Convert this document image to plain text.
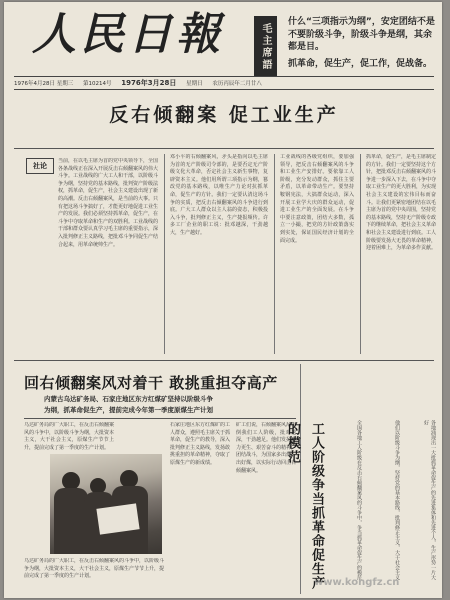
人民日報	毛主席語录

什么“三项指示为纲”，安定团结不是不要阶级斗争，阶级斗争是纲，其余都是目。

抓革命，促生产，促工作，促战备。

1976年4月28日 星期三 第10214号 1976年3月28日 星期日 农历丙辰年二月廿八
反右倾翻案 促工业生产
社论
当前，在以毛主席为首的党中央领导下，全国各条战线正在深入开展反击右倾翻案风的伟大斗争。工业战线的广大工人和干部，以阶级斗争为纲，坚持党的基本路线，批判资产阶级法权，抓革命，促生产，社会主义建设出现了新的高潮。反击右倾翻案风，是当前的大事。只有把这场斗争搞好了，才能更好地促进工业生产的发展。我们必须坚持抓革命，促生产，在斗争中夺取革命和生产的双胜利。工业战线的干部和群众要认真学习毛主席的重要指示，深入批判修正主义路线，把批邓斗争同促生产结合起来，用革命统帅生产。
邓小平的右倾翻案风，矛头是指向以毛主席为首的无产阶级司令部的，是要否定无产阶级文化大革命，否定社会主义新生事物，复辟资本主义。他们用所谓三项指示为纲，篡改党的基本路线，以唯生产力论对抗抓革命，促生产的方针。我们一定要认清这场斗争的实质，把反击右倾翻案风的斗争进行到底。广大工人群众以主人翁的姿态，积极投入斗争，批判修正主义，生产捷报频传。许多工厂企业的职工说：批邓越深，干劲越大，生产越好。
工业战线的各级党组织，要加强领导，把反击右倾翻案风的斗争和工业生产安排好。要依靠工人阶级，充分发动群众，抓住主要矛盾，以革命带动生产。要坚持鞍钢宪法，大搞群众运动，深入开展工业学大庆的群众运动，促进工业生产的全面发展。在斗争中要注意政策，团结大多数，孤立一小撮，把党的方针政策落实到实处，保证国民经济计划的全面完成。
抓革命，促生产，是毛主席制定的方针。我们一定要坚持这个方针，把批邓反击右倾翻案风的斗争进一步深入下去，在斗争中夺取工业生产的更大胜利，为实现社会主义建设的宏伟目标而奋斗。让我们更紧密地团结在以毛主席为首的党中央周围，坚持党的基本路线，坚持无产阶级专政下的继续革命，把社会主义革命和社会主义建设进行到底。工人阶级要发扬大无畏的革命精神，迎着困难上，为革命多作贡献。
回右倾翻案风对着干 敢挑重担夺高产
内蒙古乌达矿务局、石家庄地区东方红煤矿坚持以阶级斗争
为纲，抓革命促生产，提前完成今年第一季度原煤生产计划
乌达矿务局的广大职工，在反击右倾翻案风的斗争中，以阶级斗争为纲，大批资本主义，大干社会主义，原煤生产节节上升，提前完成了第一季度的生产计划。
石家庄地区东方红煤矿的工人群众，遵照毛主席关于抓革命，促生产的教导，深入批判修正主义路线，发扬敢挑重担的革命精神，夺取了原煤生产的新成绩。
矿工们说，右倾翻案风刮不倒我们工人阶级，批邓越深，干劲越足。他们发扬自力更生、艰苦奋斗的精神，团结战斗，为国家多出煤、出好煤，以实际行动回击右倾翻案风。
乌达矿务局的广大职工，在反击右倾翻案风的斗争中，以阶级斗争为纲，大批资本主义，大干社会主义，原煤生产节节上升，提前完成了第一季度的生产计划。	工人阶级争当抓革命促生产的模范	全国各地工人阶级在反击右倾翻案风的斗争中，争当抓革命促生产的模范	他们以阶级斗争为纲，坚持党的基本路线，批判修正主义，大干社会主义	各地涌现出一大批抓革命促生产的先进集体和先进个人，生产形势一片大好
www.kongfz.cn
